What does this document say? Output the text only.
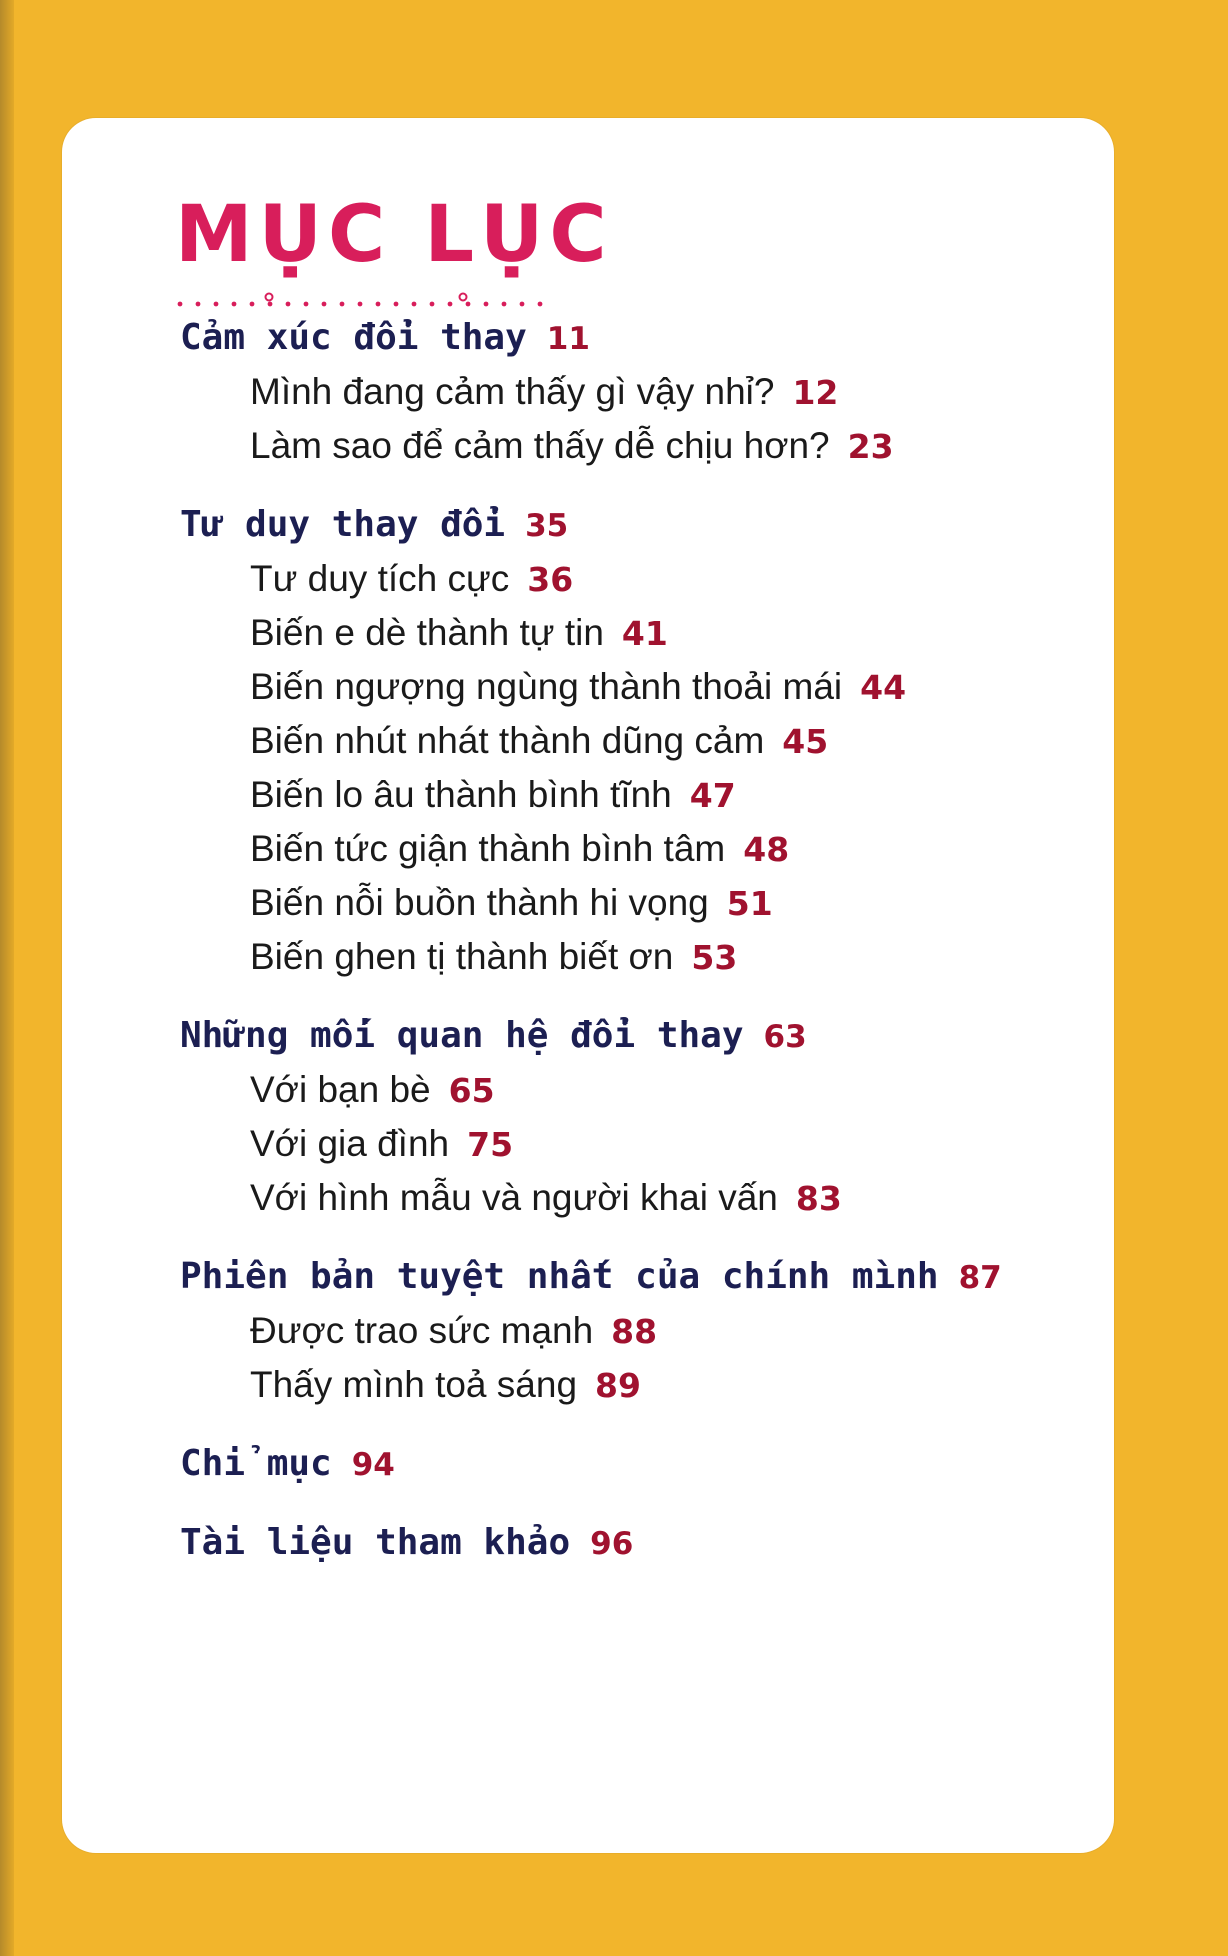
MỤC LỤC
Cảm xúc đổi thay 11
Mình đang cảm thấy gì vậy nhỉ? 12
Làm sao để cảm thấy dễ chịu hơn? 23
Tư duy thay đổi 35
Tư duy tích cực 36
Biến e dè thành tự tin 41
Biến ngượng ngùng thành thoải mái 44
Biến nhút nhát thành dũng cảm 45
Biến lo âu thành bình tĩnh 47
Biến tức giận thành bình tâm 48
Biến nỗi buồn thành hi vọng 51
Biến ghen tị thành biết ơn 53
Những mối quan hệ đổi thay 63
Với bạn bè 65
Với gia đình 75
Với hình mẫu và người khai vấn 83
Phiên bản tuyệt nhất của chính mình 87
Được trao sức mạnh 88
Thấy mình toả sáng 89
Chỉ mục 94
Tài liệu tham khảo 96
